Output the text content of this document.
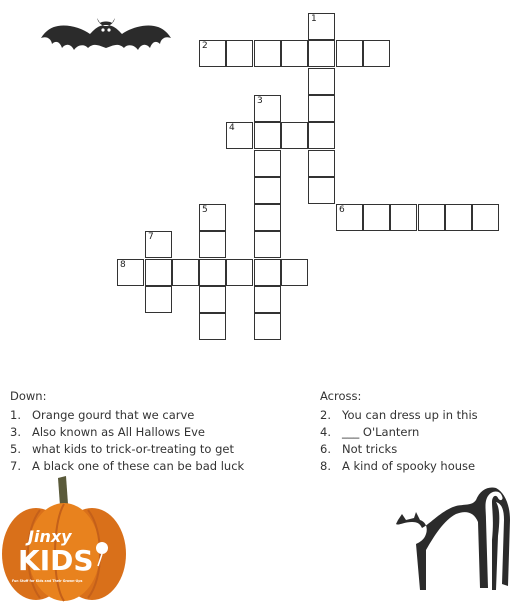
1
2
3
4
5	6
7
8
Down:
1. Orange gourd that we carve
3. Also known as All Hallows Eve
5. what kids to trick-or-treating to get
7. A black one of these can be bad luck
Across:
2. You can dress up in this
4. ___ O'Lantern
6. Not tricks
8. A kind of spooky house
Jinxy
KIDS
Fun Stuff for Kids and Their Grown-Ups
